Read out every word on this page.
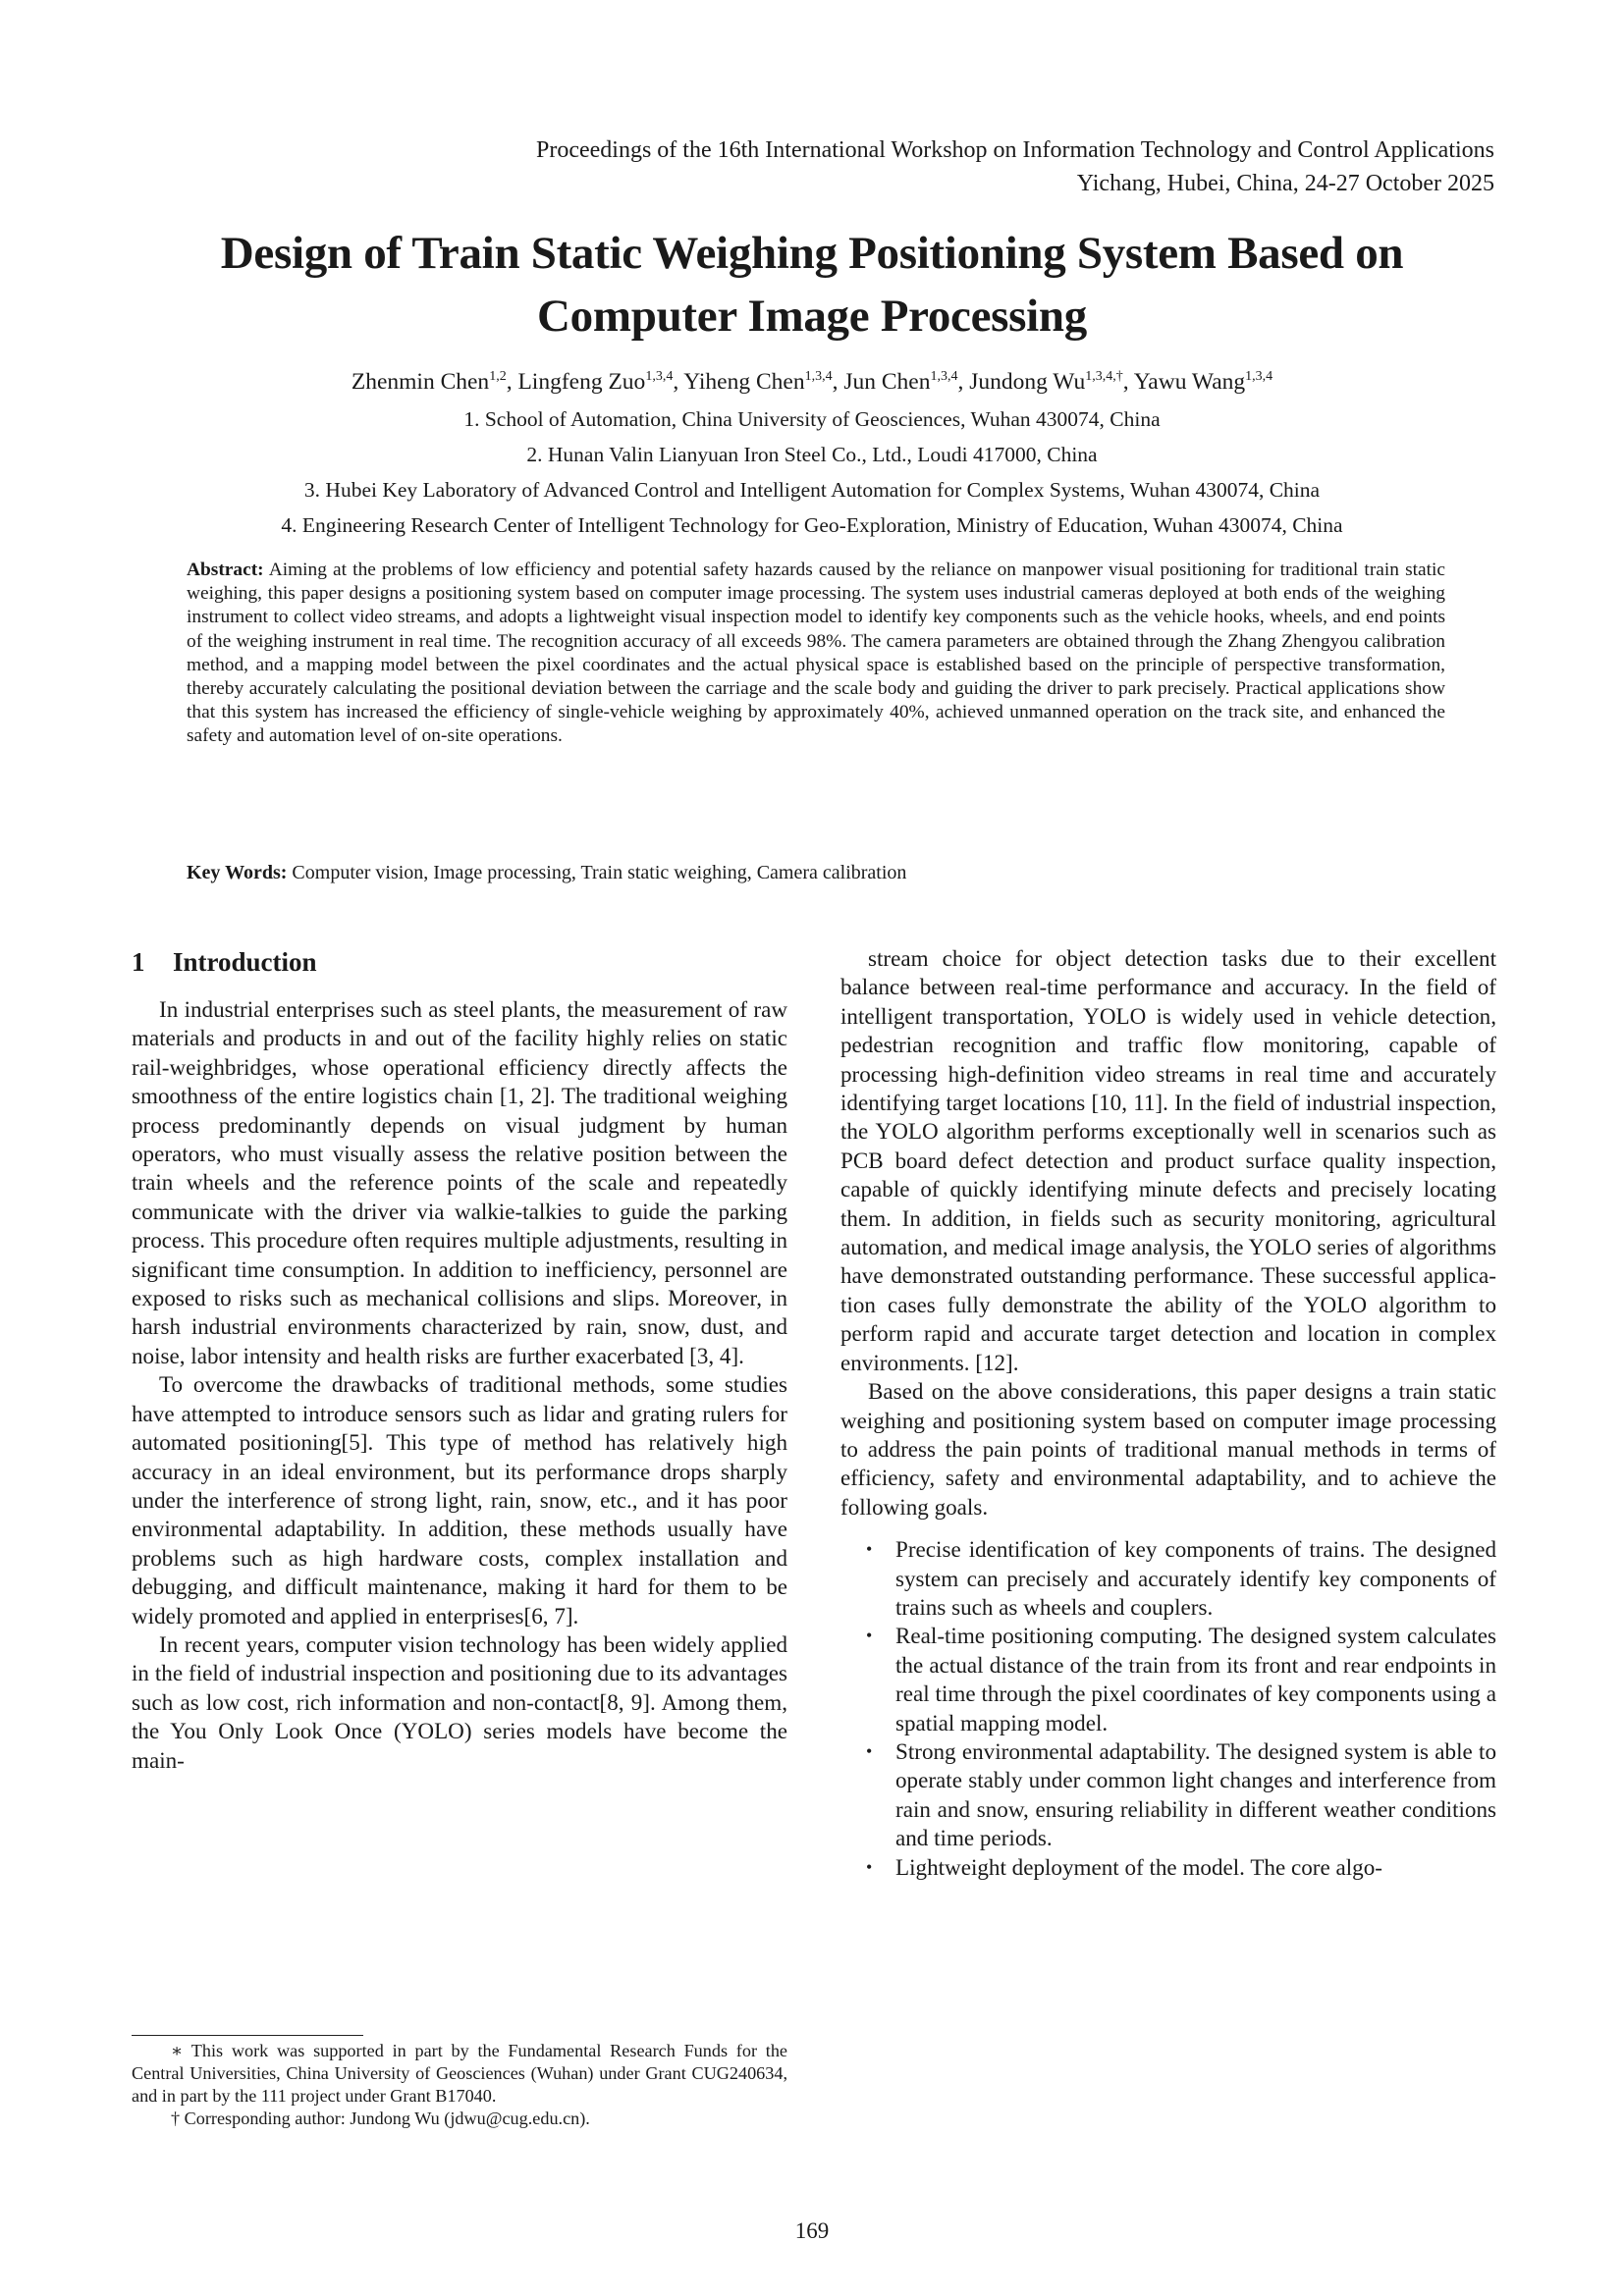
Proceedings of the 16th International Workshop on Information Technology and Control Applications
Yichang, Hubei, China, 24-27 October 2025
Design of Train Static Weighing Positioning System Based on
Computer Image Processing
Zhenmin Chen$^{1,2}$, Lingfeng Zuo$^{1,3,4}$, Yiheng Chen$^{1,3,4}$, Jun Chen$^{1,3,4}$, Jundong $Wu^{1,3,4,\dagger}$, Yawu Wang$^{1,3,4}$
1. School of Automation, China University of Geosciences, Wuhan 430074, China
2. Hunan Valin Lianyuan Iron Steel Co., Ltd., Loudi 417000, China
3. Hubei Key Laboratory of Advanced Control and Intelligent Automation for Complex Systems, Wuhan 430074, China
4. Engineering Research Center of Intelligent Technology for Geo-Exploration, Ministry of Education, Wuhan 430074, China
Abstract: Aiming at the problems of low efficiency and potential safety hazards caused by the reliance on manpower visual positioning for traditional train static weighing, this paper designs a positioning system based on computer image processing. The system uses industrial cameras deployed at both ends of the weighing instrument to collect video streams, and adopts a lightweight visual inspection model to identify key components such as the vehicle hooks, wheels, and end points of the weighing instrument in real time. The recognition accuracy of all exceeds 98%. The camera parameters are obtained through the Zhang Zhengyou calibration method, and a mapping model between the pixel coordinates and the actual physical space is established based on the principle of perspective transformation, thereby accurately calculating the positional deviation between the carriage and the scale body and guiding the driver to park precisely. Practical applications show that this system has increased the efficiency of single-vehicle weighing by approximately 40%, achieved unmanned operation on the track site, and enhanced the safety and automation level of on-site operations.
Key Words: Computer vision, Image processing, Train static weighing, Camera calibration
1 Introduction

In industrial enterprises such as steel plants, the measurement of raw materials and products in and out of the facility highly relies on static rail-weighbridges, whose operational efficiency directly affects the smoothness of the entire logistics chain [1, 2]. The traditional weighing process predominantly depends on visual judgment by human operators, who must visually assess the relative position between the train wheels and the reference points of the scale and repeatedly communicate with the driver via walkie-talkies to guide the parking process. This procedure often requires multiple adjustments, resulting in significant time consumption. In addition to inefficiency, personnel are exposed to risks such as mechanical collisions and slips. Moreover, in harsh industrial environments characterized by rain, snow, dust, and noise, labor intensity and health risks are further exacerbated [3, 4].

To overcome the drawbacks of traditional methods, some studies have attempted to introduce sensors such as lidar and grating rulers for automated positioning[5]. This type of method has relatively high accuracy in an ideal environment, but its performance drops sharply under the interference of strong light, rain, snow, etc., and it has poor environmental adaptability. In addition, these methods usually have problems such as high hardware costs, complex installation and debugging, and difficult maintenance, making it hard for them to be widely promoted and applied in enterprises[6, 7].

In recent years, computer vision technology has been widely applied in the field of industrial inspection and positioning due to its advantages such as low cost, rich information and non-contact[8, 9]. Among them, the You Only Look Once (YOLO) series models have become the main-

stream choice for object detection tasks due to their excellent balance between real-time performance and accuracy. In the field of intelligent transportation, YOLO is widely used in vehicle detection, pedestrian recognition and traffic flow monitoring, capable of processing high-definition video streams in real time and accurately identifying target locations [10, 11]. In the field of industrial inspection, the YOLO algorithm performs exceptionally well in scenarios such as PCB board defect detection and product surface quality inspection, capable of quickly identifying minute defects and precisely locating them. In addition, in fields such as security monitoring, agricultural automation, and medical image analysis, the YOLO series of algorithms have demonstrated outstanding performance. These successful application cases fully demonstrate the ability of the YOLO algorithm to perform rapid and accurate target detection and location in complex environments. [12].

Based on the above considerations, this paper designs a train static weighing and positioning system based on computer image processing to address the pain points of traditional manual methods in terms of efficiency, safety and environmental adaptability, and to achieve the following goals.

• Precise identification of key components of trains. The designed system can precisely and accurately identify key components of trains such as wheels and couplers.
• Real-time positioning computing. The designed system calculates the actual distance of the train from its front and rear endpoints in real time through the pixel coordinates of key components using a spatial mapping model.
• Strong environmental adaptability. The designed system is able to operate stably under common light changes and interference from rain and snow, ensuring reliability in different weather conditions and time periods.
• Lightweight deployment of the model. The core algo-

∗ This work was supported in part by the Fundamental Research Funds for the Central Universities, China University of Geosciences (Wuhan) under Grant CUG240634, and in part by the 111 project under Grant B17040.

† Corresponding author: Jundong Wu (jdwu@cug.edu.cn).

169
